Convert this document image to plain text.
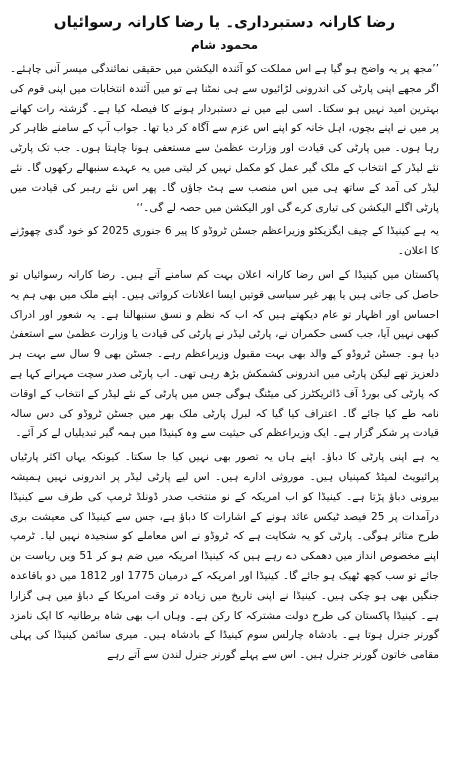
رضا کارانہ دستبرداری۔ یا رضا کارانہ رسوائیاں
محمود شام

’’مجھ پر یہ واضح ہو گیا ہے اس مملکت کو آئندہ الیکشن میں حقیقی نمائندگی میسر آنی چاہئے۔ اگر مجھے اپنی پارٹی کی اندرونی لڑائیوں سے ہی نمٹنا ہے تو میں آئندہ انتخابات میں اپنی قوم کی بہترین امید نہیں ہو سکتا۔ اسی لیے میں نے دستبردار ہونے کا فیصلہ کیا ہے۔ گزشتہ رات کھانے پر میں نے اپنے بچوں، اہل خانہ کو اپنے اس عزم سے آگاہ کر دیا تھا۔ جواب آپ کے سامنے ظاہر کر رہا ہوں۔ میں پارٹی کی قیادت اور وزارت عظمیٰ سے مستعفی ہونا چاہتا ہوں۔ جب تک پارٹی نئے لیڈر کے انتخاب کے ملک گیر عمل کو مکمل نہیں کر لیتی میں یہ عہدے سنبھالے رکھوں گا۔ نئے لیڈر کی آمد کے ساتھ ہی میں اس منصب سے ہٹ جاؤں گا۔ پھر اس نئے رہبر کی قیادت میں پارٹی اگلے الیکشن کی تیاری کرے گی اور الیکشن میں حصہ لے گی۔‘‘

یہ ہے کینیڈا کے چیف ایگزیکٹو وزیراعظم جسٹن ٹروڈو کا پیر 6 جنوری 2025 کو خود گدی چھوڑنے کا اعلان۔

پاکستان میں کینیڈا کے اس رضا کارانہ اعلان بہت کم سامنے آتے ہیں۔ رضا کارانہ رسوائیاں تو حاصل کی جاتی ہیں یا پھر غیر سیاسی قوتیں ایسا اعلانات کرواتی ہیں۔ اپنے ملک میں بھی ہم یہ احساس اور اظہار تو عام دیکھتے ہیں کہ اب کہ نظم و نسق سنبھالنا ہے۔ یہ شعور اور ادراک کبھی نہیں آیا، جب کسی حکمران نے، پارٹی لیڈر نے پارٹی کی قیادت یا وزارت عظمیٰ سے استعفیٰ دیا ہو۔ جسٹن ٹروڈو کے والد بھی بہت مقبول وزیراعظم رہے۔ جسٹن بھی 9 سال سے بہت ہر دلعزیز تھے لیکن پارٹی میں اندرونی کشمکش بڑھ رہی تھی۔ اب پارٹی صدر سچت مہرانے کہا ہے کہ پارٹی کی بورڈ آف ڈائریکٹرز کی میٹنگ ہوگی جس میں پارٹی کے نئے لیڈر کے انتخاب کے اوقات نامہ طے کیا جائے گا۔ اعتراف کیا گیا کہ لبرل پارٹی ملک بھر میں جسٹن ٹروڈو کی دس سالہ قیادت پر شکر گزار ہے۔ ایک وزیراعظم کی حیثیت سے وہ کینیڈا میں ہمہ گیر تبدیلیاں لے کر آئے۔

یہ ہے اپنی پارٹی کا دباؤ۔ اپنے ہاں یہ تصور بھی نہیں کیا جا سکتا۔ کیونکہ یہاں اکثر پارٹیاں پرائیویٹ لمیٹڈ کمپنیاں ہیں۔ موروثی ادارے ہیں۔ اس لیے پارٹی لیڈر پر اندرونی نہیں ہمیشہ بیرونی دباؤ پڑتا ہے۔ کینیڈا کو اب امریکہ کے نو منتخب صدر ڈونلڈ ٹرمپ کی طرف سے کینیڈا درآمدات پر 25 فیصد ٹیکس عائد ہونے کے اشارات کا دباؤ ہے، جس سے کینیڈا کی معیشت بری طرح متاثر ہوگی۔ پارٹی کو یہ شکایت ہے کہ ٹروڈو نے اس معاملے کو سنجیدہ نہیں لیا۔ ٹرمپ اپنے مخصوص انداز میں دھمکی دے رہے ہیں کہ کینیڈا امریکہ میں ضم ہو کر 51 ویں ریاست بن جائے تو سب کچھ ٹھیک ہو جائے گا۔ کینیڈا اور امریکہ کے درمیان 1775 اور 1812 میں دو باقاعدہ جنگیں بھی ہو چکی ہیں۔ کینیڈا نے اپنی تاریخ میں زیادہ تر وقت امریکا کے دباؤ میں ہی گزارا ہے۔ کینیڈا پاکستان کی طرح دولت مشترکہ کا رکن ہے۔ وہاں اب بھی شاہ برطانیہ کا ایک نامزد گورنر جنرل ہوتا ہے۔ بادشاہ چارلس سوم کینیڈا کے بادشاہ ہیں۔ میری سائمن کینیڈا کی پہلی مقامی خاتون گورنر جنرل ہیں۔ اس سے پہلے گورنر جنرل لندن سے آتے رہے
